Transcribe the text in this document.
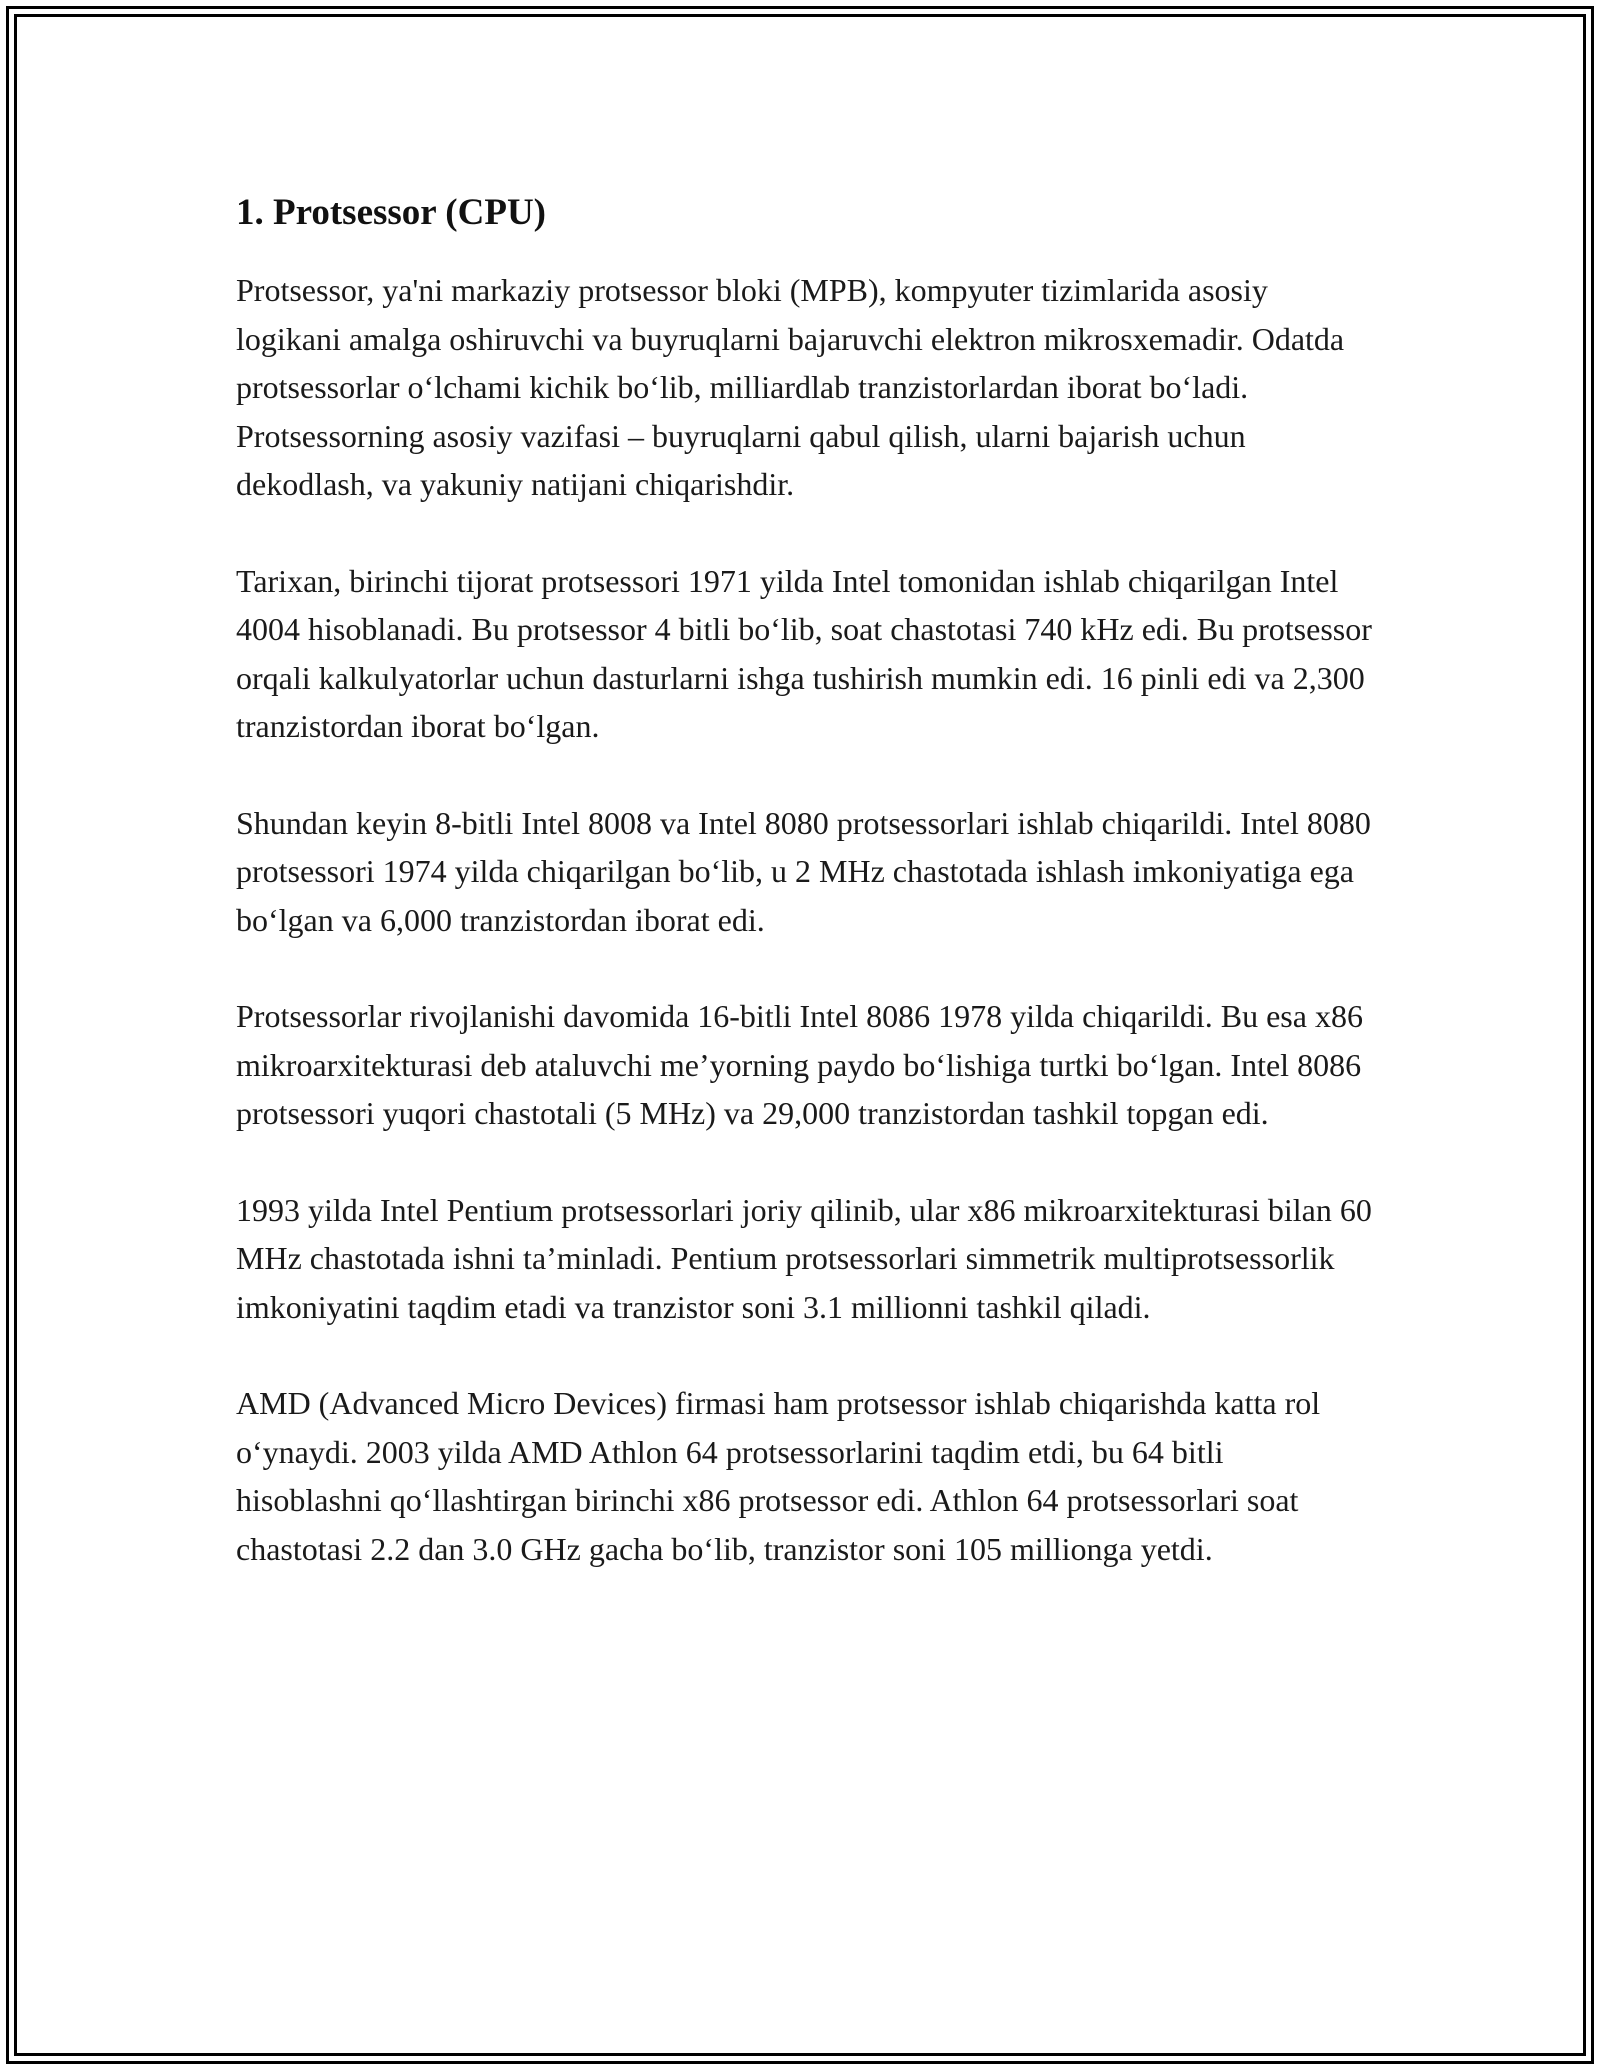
1. Protsessor (CPU)

Protsessor, ya'ni markaziy protsessor bloki (MPB), kompyuter tizimlarida asosiy logikani amalga oshiruvchi va buyruqlarni bajaruvchi elektron mikrosxemadir. Odatda protsessorlar o‘lchami kichik bo‘lib, milliardlab tranzistorlardan iborat bo‘ladi. Protsessorning asosiy vazifasi – buyruqlarni qabul qilish, ularni bajarish uchun dekodlash, va yakuniy natijani chiqarishdir.

Tarixan, birinchi tijorat protsessori 1971 yilda Intel tomonidan ishlab chiqarilgan Intel 4004 hisoblanadi. Bu protsessor 4 bitli bo‘lib, soat chastotasi 740 kHz edi. Bu protsessor orqali kalkulyatorlar uchun dasturlarni ishga tushirish mumkin edi. 16 pinli edi va 2,300 tranzistordan iborat bo‘lgan.

Shundan keyin 8-bitli Intel 8008 va Intel 8080 protsessorlari ishlab chiqarildi. Intel 8080 protsessori 1974 yilda chiqarilgan bo‘lib, u 2 MHz chastotada ishlash imkoniyatiga ega bo‘lgan va 6,000 tranzistordan iborat edi.

Protsessorlar rivojlanishi davomida 16-bitli Intel 8086 1978 yilda chiqarildi. Bu esa x86 mikroarxitekturasi deb ataluvchi me’yorning paydo bo‘lishiga turtki bo‘lgan. Intel 8086 protsessori yuqori chastotali (5 MHz) va 29,000 tranzistordan tashkil topgan edi.

1993 yilda Intel Pentium protsessorlari joriy qilinib, ular x86 mikroarxitekturasi bilan 60 MHz chastotada ishni ta’minladi. Pentium protsessorlari simmetrik multiprotsessorlik imkoniyatini taqdim etadi va tranzistor soni 3.1 millionni tashkil qiladi.

AMD (Advanced Micro Devices) firmasi ham protsessor ishlab chiqarishda katta rol o‘ynaydi. 2003 yilda AMD Athlon 64 protsessorlarini taqdim etdi, bu 64 bitli hisoblashni qo‘llashtirgan birinchi x86 protsessor edi. Athlon 64 protsessorlari soat chastotasi 2.2 dan 3.0 GHz gacha bo‘lib, tranzistor soni 105 millionga yetdi.
